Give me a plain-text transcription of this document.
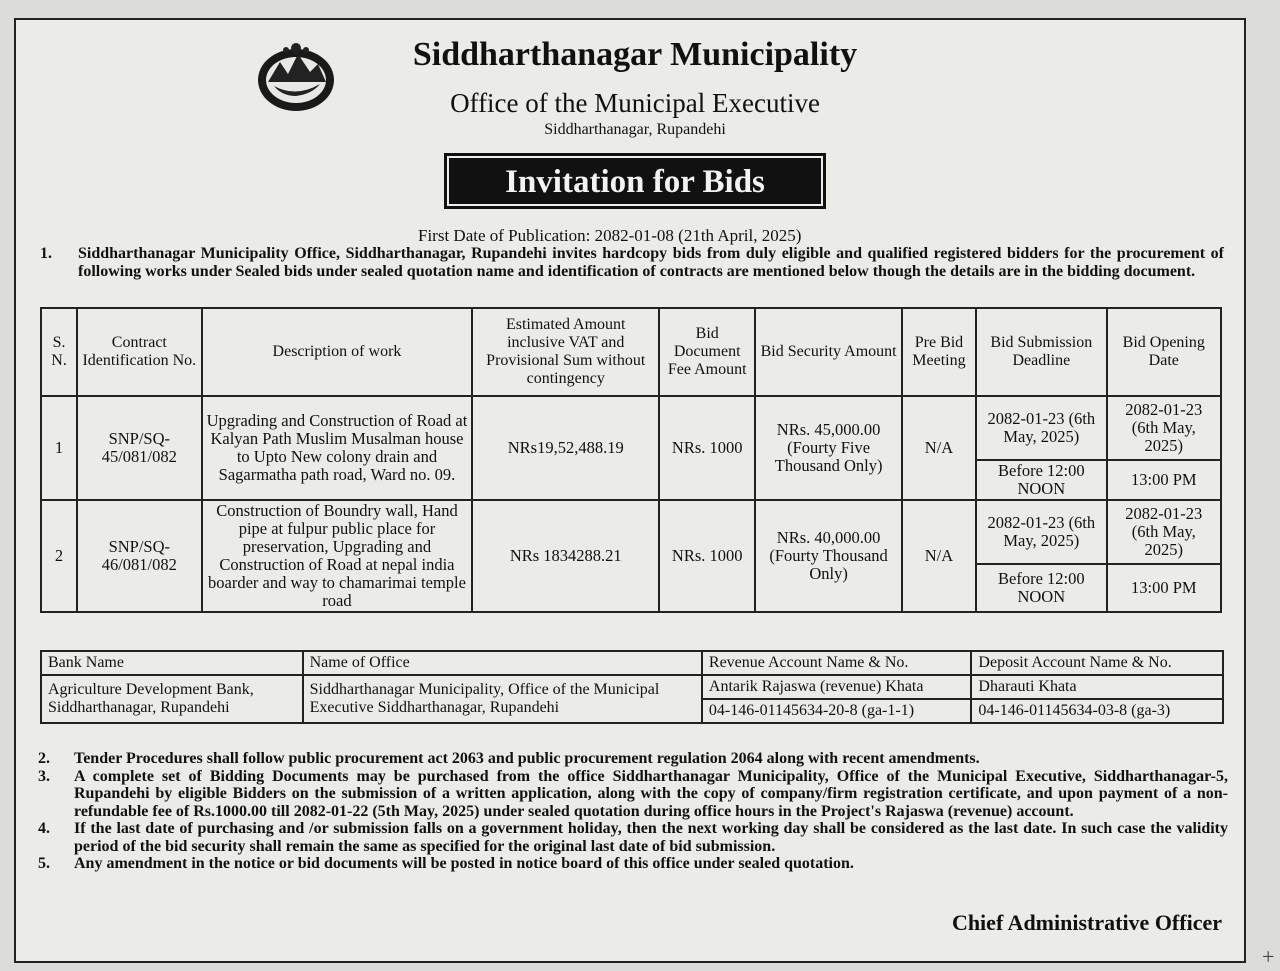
Siddharthanagar Municipality
Office of the Municipal Executive
Siddharthanagar, Rupandehi
Invitation for Bids
First Date of Publication: 2082-01-08 (21th April, 2025)
1. Siddharthanagar Municipality Office, Siddharthanagar, Rupandehi invites hardcopy bids from duly eligible and qualified registered bidders for the procurement of following works under Sealed bids under sealed quotation name and identification of contracts are mentioned below though the details are in the bidding document.
S. N.	Contract Identification No.	Description of work	Estimated Amount inclusive VAT and Provisional Sum without contingency	Bid Document Fee Amount	Bid Security Amount	Pre Bid Meeting	Bid Submission Deadline	Bid Opening Date
1	SNP/SQ-45/081/082	Upgrading and Construction of Road at Kalyan Path Muslim Musalman house to Upto New colony drain and Sagarmatha path road, Ward no. 09.	NRs19,52,488.19	NRs. 1000	NRs. 45,000.00 (Fourty Five Thousand Only)	N/A	2082-01-23 (6th May, 2025)	2082-01-23 (6th May, 2025)
							Before 12:00 NOON	13:00 PM
2	SNP/SQ-46/081/082	Construction of Boundry wall, Hand pipe at fulpur public place for preservation, Upgrading and Construction of Road at nepal india boarder and way to chamarimai temple road	NRs 1834288.21	NRs. 1000	NRs. 40,000.00 (Fourty Thousand Only)	N/A	2082-01-23 (6th May, 2025)	2082-01-23 (6th May, 2025)
							Before 12:00 NOON	13:00 PM
Bank Name	Name of Office	Revenue Account Name & No.	Deposit Account Name & No.
Agriculture Development Bank, Siddharthanagar, Rupandehi	Siddharthanagar Municipality, Office of the Municipal Executive Siddharthanagar, Rupandehi	Antarik Rajaswa (revenue) Khata	Dharauti Khata
		04-146-01145634-20-8 (ga-1-1)	04-146-01145634-03-8 (ga-3)
2. Tender Procedures shall follow public procurement act 2063 and public procurement regulation 2064 along with recent amendments.
3. A complete set of Bidding Documents may be purchased from the office Siddharthanagar Municipality, Office of the Municipal Executive, Siddharthanagar-5, Rupandehi by eligible Bidders on the submission of a written application, along with the copy of company/firm registration certificate, and upon payment of a non-refundable fee of Rs.1000.00 till 2082-01-22 (5th May, 2025) under sealed quotation during office hours in the Project's Rajaswa (revenue) account.
4. If the last date of purchasing and /or submission falls on a government holiday, then the next working day shall be considered as the last date. In such case the validity period of the bid security shall remain the same as specified for the original last date of bid submission.
5. Any amendment in the notice or bid documents will be posted in notice board of this office under sealed quotation.
Chief Administrative Officer
+
